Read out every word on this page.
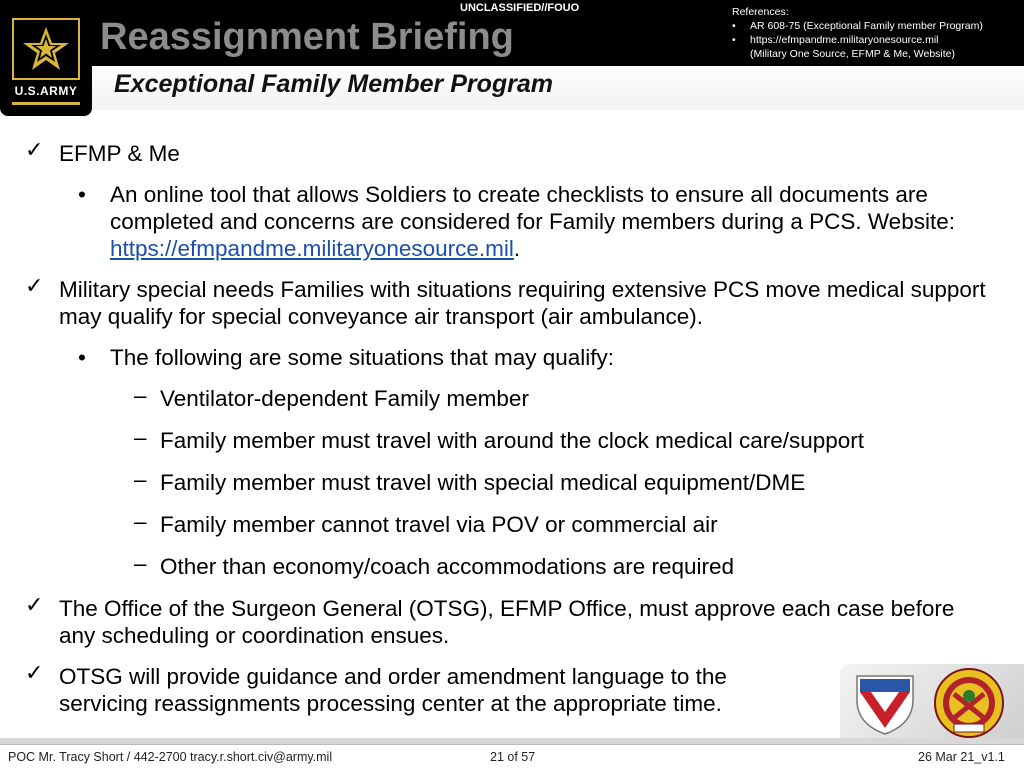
U.S.ARMY
UNCLASSIFIED//FOUO
Reassignment Briefing
Exceptional Family Member Program
References:
• AR 608-75 (Exceptional Family member Program)
• https://efmpandme.militaryonesource.mil
(Military One Source, EFMP & Me, Website)
✓ EFMP & Me
• An online tool that allows Soldiers to create checklists to ensure all documents are completed and concerns are considered for Family members during a PCS. Website: https://efmpandme.militaryonesource.mil.
✓ Military special needs Families with situations requiring extensive PCS move medical support may qualify for special conveyance air transport (air ambulance).
• The following are some situations that may qualify:
– Ventilator-dependent Family member
– Family member must travel with around the clock medical care/support
– Family member must travel with special medical equipment/DME
– Family member cannot travel via POV or commercial air
– Other than economy/coach accommodations are required
✓ The Office of the Surgeon General (OTSG), EFMP Office, must approve each case before any scheduling or coordination ensues.
✓ OTSG will provide guidance and order amendment language to the servicing reassignments processing center at the appropriate time.
POC Mr. Tracy Short / 442-2700 tracy.r.short.civ@army.mil	21 of 57	26 Mar 21_v1.1
